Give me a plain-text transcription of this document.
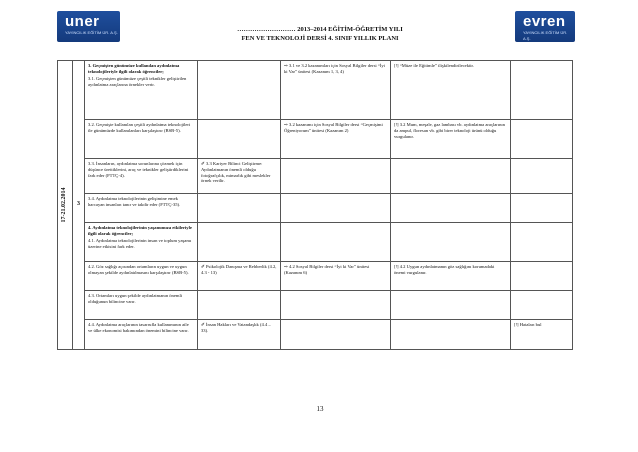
uner
YAYINCILIK EĞİTİM ÜR. A.Ş.	……………………… 2013–2014 EĞİTİM-ÖĞRETİM YILI
FEN VE TEKNOLOJİ DERSİ 4. SINIF YILLIK PLANI
evren
YAYINCILIK EĞİTİM ÜR. A.Ş.
17-21.02.2014	3	3. Geçmişten günümüze kullanılan aydınlatma teknolojileriyle ilgili olarak öğrenciler;

3.1. Geçmişten günümüze çeşitli teknikler geliştirilen aydınlatma araçlarına örnekler verir.		⇨ 3.1 ve 3.2 kazanımları için Sosyal Bilgiler dersi “İyi ki Var” ünitesi (Kazanım 1, 3, 4)	[!] “Müze ile Eğitimle” ilişkilendirilecektir.	

		3.2. Geçmişte kullanılan çeşitli aydınlatma teknolojileri ile günümüzde kullanılanları karşılaştırır (BSB-5).		⇨ 3.2 kazanımı için Sosyal Bilgiler dersi “Geçmişimi Öğreniyorum” ünitesi (Kazanım 2)	[!] 3.2 Mum, meşale, gaz lambası vb. aydınlatma araçlarının da ampul, floresan vb. gibi birer teknoloji ürünü olduğu vurgulanır.	

		3.3. İnsanların, aydınlatma sorunlarına çözmek için düşünce ürettiklerini, araç ve teknikler geliştirdiklerini fark eder (FTTÇ-4).	✐ 3.3 Kariyer Bilinci Geliştirme: Aydınlatmanın önemli olduğu fotoğrafçılık, mimarlık gibi meslekler örnek verilir.			

		3.4. Aydınlatma teknolojilerinin gelişimine emek harcayan insanları tanır ve takdir eder (FTTÇ-35).				

		4. Aydınlatma teknolojilerinin yaşamımıza etkileriyle ilgili olarak öğrenciler;

4.1. Aydınlatma teknolojilerinin insan ve toplum yaşamı üzerine etkisini fark eder.				

		4.2. Göz sağlığı açısından ortamların uygun ve uygun olmayan şekilde aydınlatılmasını karşılaştırır (BSB-5).	✐ Psikolojik Danışma ve Rehberlik (4.2, 4.3 - 13)	⇨ 4.2 Sosyal Bilgiler dersi “İyi ki Var” ünitesi (Kazanım 6)	[!] 4.2 Uygun aydınlatmanın göz sağlığını korumadaki önemi vurgulanır.	

		4.3. Ortamları uygun şekilde aydınlatmanın önemli olduğunun bilincine varır.				

		4.4. Aydınlatma araçlarının tasarrufla kullanımının aile ve ülke ekonomisi bakımından önemini bilincine varır.	✐ İnsan Hakları ve Vatandaşlık (4.4 – 33).			[!] Hataları bul
13
